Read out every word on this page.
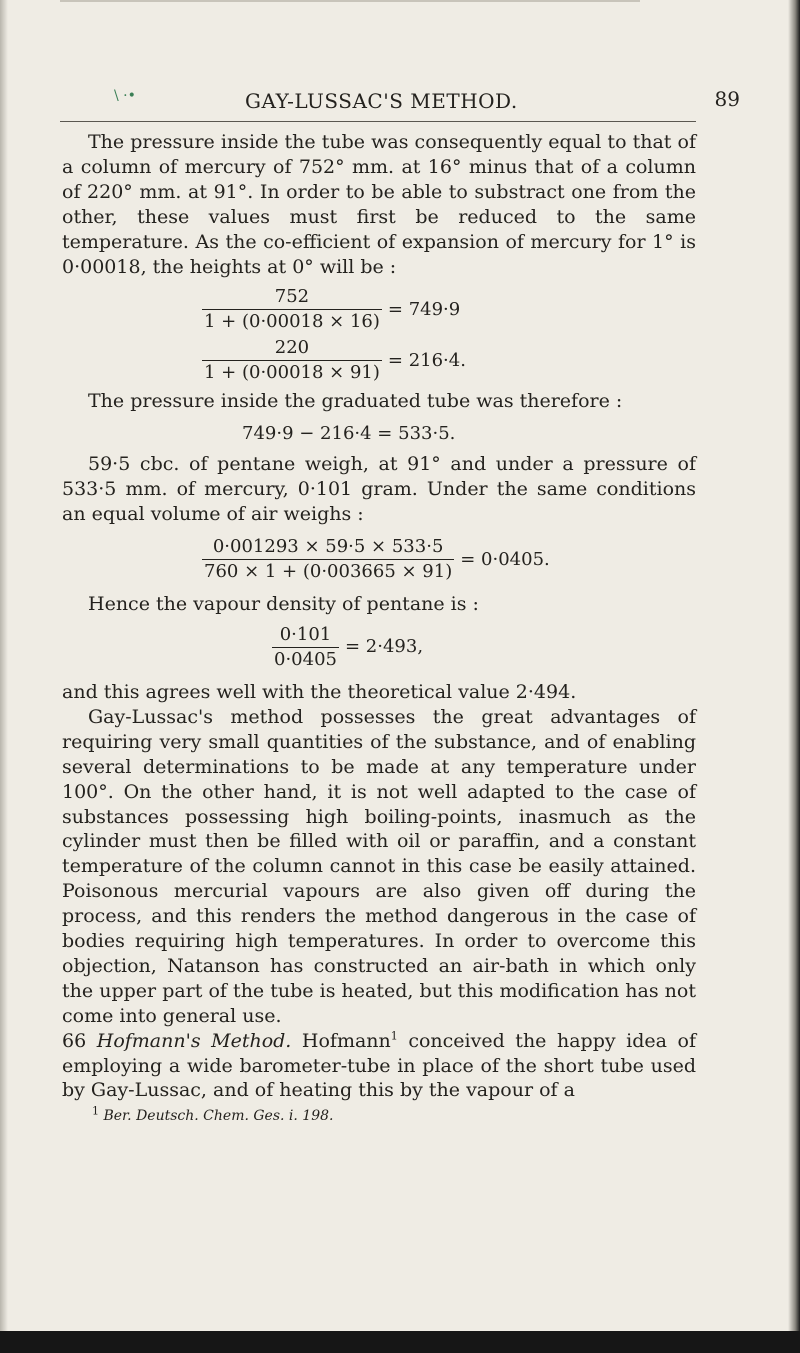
\ ·•	GAY-LUSSAC'S METHOD.	89

The pressure inside the tube was consequently equal to that of a column of mercury of 752° mm. at 16° minus that of a column of 220° mm. at 91°. In order to be able to substract one from the other, these values must first be reduced to the same temperature. As the co-efficient of expansion of mercury for 1° is 0·00018, the heights at 0° will be :

$\frac{752}{1 + (0\cdot 00018 \times 16)} = 749\cdot 9$
$\frac{220}{1 + (0\cdot 00018 \times 91)} = 216\cdot 4$.

The pressure inside the graduated tube was therefore :

749·9 − 216·4 = 533·5.

59·5 cbc. of pentane weigh, at 91° and under a pressure of 533·5 mm. of mercury, 0·101 gram. Under the same conditions an equal volume of air weighs :

$\frac{0\cdot 001293 \times 59\cdot 5 \times 533\cdot 5}{760 \times 1 + (0\cdot 003665 \times 91)} = 0\cdot 0405$.

Hence the vapour density of pentane is :

$\frac{0\cdot 101}{0\cdot 0405} = 2\cdot 493$,

and this agrees well with the theoretical value 2·494.

Gay-Lussac's method possesses the great advantages of requiring very small quantities of the substance, and of enabling several determinations to be made at any temperature under 100°. On the other hand, it is not well adapted to the case of substances possessing high boiling-points, inasmuch as the cylinder must then be filled with oil or paraffin, and a constant temperature of the column cannot in this case be easily attained. Poisonous mercurial vapours are also given off during the process, and this renders the method dangerous in the case of bodies requiring high temperatures. In order to overcome this objection, Natanson has constructed an air-bath in which only the upper part of the tube is heated, but this modification has not come into general use.

66 Hofmann's Method. Hofmann$^1$ conceived the happy idea of employing a wide barometer-tube in place of the short tube used by Gay-Lussac, and of heating this by the vapour of a

$^1$ Ber. Deutsch. Chem. Ges. i. 198.
